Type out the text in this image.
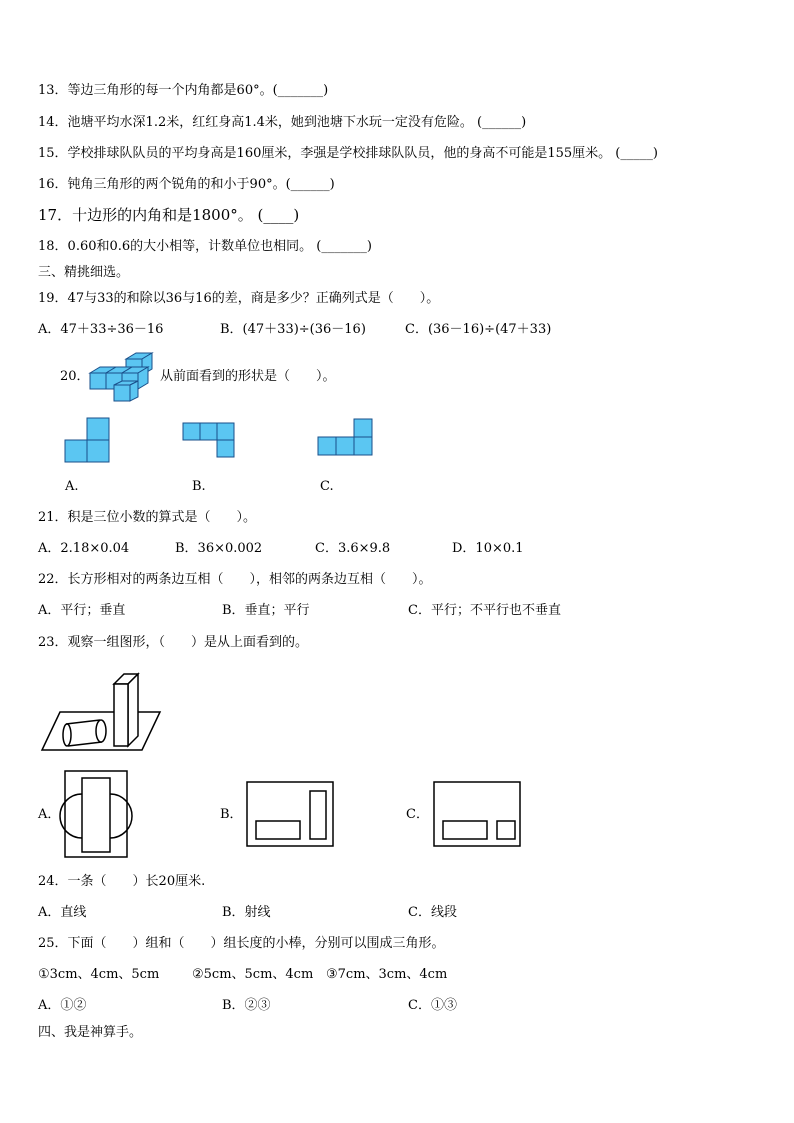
13．等边三角形的每一个内角都是60°。(_______)
14．池塘平均水深1.2米，红红身高1.4米，她到池塘下水玩一定没有危险。 (______)
15．学校排球队队员的平均身高是160厘米，李强是学校排球队队员，他的身高不可能是155厘米。 (_____)
16．钝角三角形的两个锐角的和小于90°。(______)
17．十边形的内角和是1800°。 (____)
18．0.60和0.6的大小相等，计数单位也相同。 (_______)
三、精挑细选。
19．47与33的和除以36与16的差，商是多少？正确列式是（　　）。
A．47＋33÷36－16	B．(47＋33)÷(36－16)	C．(36－16)÷(47＋33)
20．	从前面看到的形状是（　　）。
A.	B.	C.
21．积是三位小数的算式是（　　）。
A．2.18×0.04	B．36×0.002	C．3.6×9.8	D．10×0.1
22．长方形相对的两条边互相（　　），相邻的两条边互相（　　）。
A．平行；垂直	B．垂直；平行	C．平行；不平行也不垂直
23．观察一组图形，（　　）是从上面看到的。
A．	B．	C．
24．一条（　　）长20厘米.
A．直线	B．射线	C．线段
25．下面（　　）组和（　　）组长度的小棒，分别可以围成三角形。
①3cm、4cm、5cm	②5cm、5cm、4cm ③7cm、3cm、4cm
A．①②	B．②③	C．①③
四、我是神算手。
